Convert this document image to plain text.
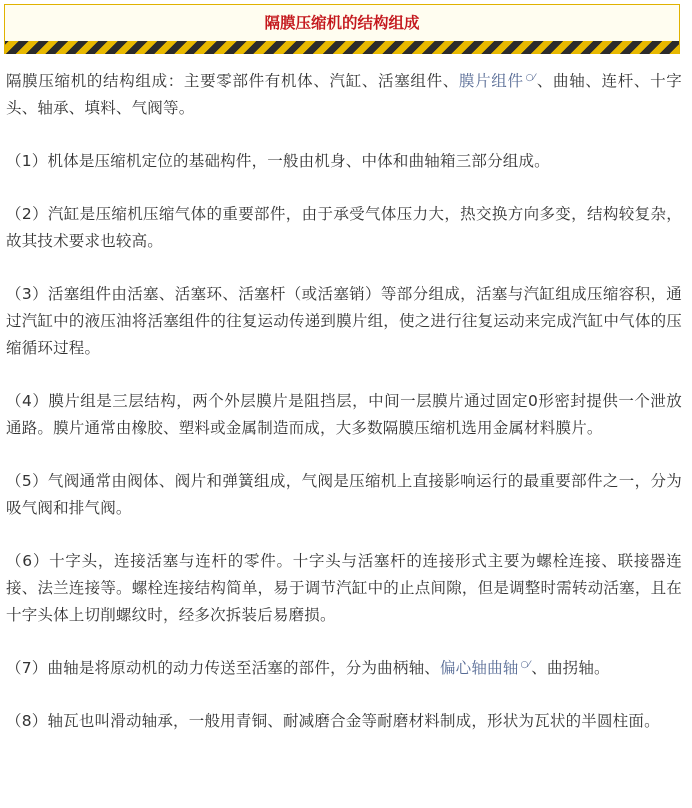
隔膜压缩机的结构组成

隔膜压缩机的结构组成：主要零部件有机体、汽缸、活塞组件、膜片组件 ○⁄、曲轴、连杆、十字头、轴承、填料、气阀等。

（1）机体是压缩机定位的基础构件，一般由机身、中体和曲轴箱三部分组成。

（2）汽缸是压缩机压缩气体的重要部件，由于承受气体压力大，热交换方向多变，结构较复杂，故其技术要求也较高。

（3）活塞组件由活塞、活塞环、活塞杆（或活塞销）等部分组成，活塞与汽缸组成压缩容积，通过汽缸中的液压油将活塞组件的往复运动传递到膜片组，使之进行往复运动来完成汽缸中气体的压缩循环过程。

（4）膜片组是三层结构，两个外层膜片是阻挡层，中间一层膜片通过固定0形密封提供一个泄放通路。膜片通常由橡胶、塑料或金属制造而成，大多数隔膜压缩机选用金属材料膜片。

（5）气阀通常由阀体、阀片和弹簧组成，气阀是压缩机上直接影响运行的最重要部件之一，分为吸气阀和排气阀。

（6）十字头，连接活塞与连杆的零件。十字头与活塞杆的连接形式主要为螺栓连接、联接器连接、法兰连接等。螺栓连接结构简单，易于调节汽缸中的止点间隙，但是调整时需转动活塞，且在十字头体上切削螺纹时，经多次拆装后易磨损。

（7）曲轴是将原动机的动力传送至活塞的部件，分为曲柄轴、偏心轴曲轴 ○⁄、曲拐轴。

（8）轴瓦也叫滑动轴承，一般用青铜、耐减磨合金等耐磨材料制成，形状为瓦状的半圆柱面。
